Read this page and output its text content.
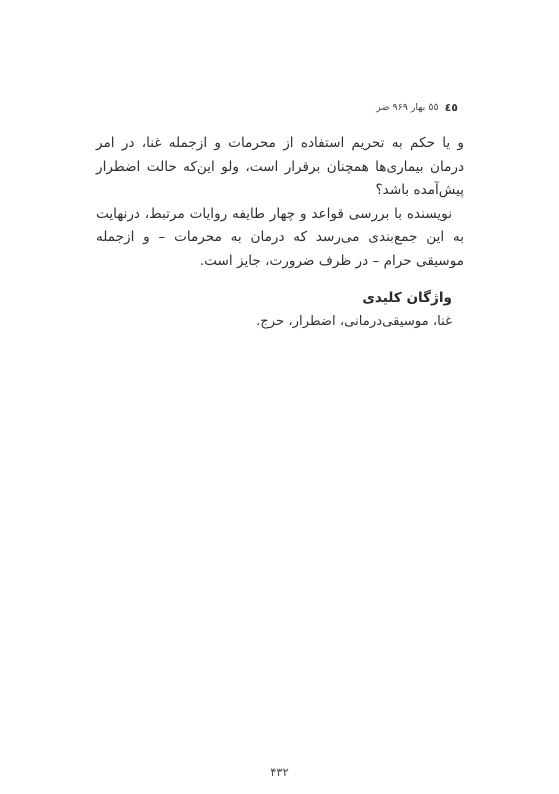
٤٥
٥٥ بهار ۹۶۹ ضر

و یا حکم به تحریم استفاده از محرمات و ازجمله غنا، در امر درمان بیماری‌ها همچنان برقرار است، ولو این‌که حالت اضطرار پیش‌آمده باشد؟

نویسنده با بررسی قواعد و چهار طایفه روایات مرتبط، درنهایت به این جمع‌بندی می‌رسد که درمان به محرمات – و ازجمله موسیقی حرام – در ظرف ضرورت، جایز است.

واژگان کلیدی
غنا، موسیقی‌درمانی، اضطرار، حرج.
۴۳۲
